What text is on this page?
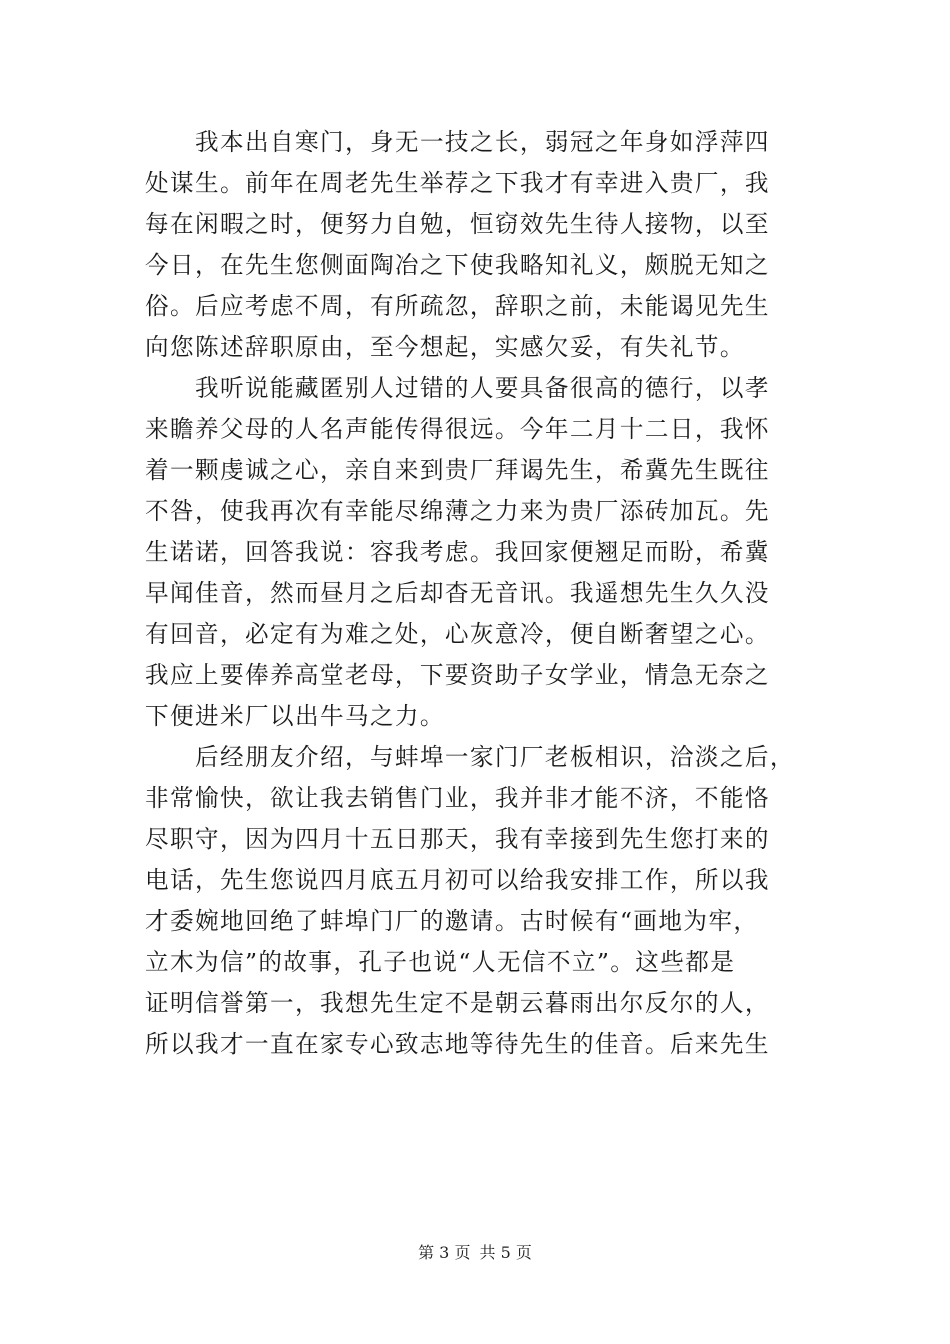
我本出自寒门，身无一技之长，弱冠之年身如浮萍四
处谋生。前年在周老先生举荐之下我才有幸进入贵厂，我
每在闲暇之时，便努力自勉，恒窃效先生待人接物，以至
今日，在先生您侧面陶冶之下使我略知礼义，颇脱无知之
俗。后应考虑不周，有所疏忽，辞职之前，未能谒见先生
向您陈述辞职原由，至今想起，实感欠妥，有失礼节。
我听说能藏匿别人过错的人要具备很高的德行，以孝
来瞻养父母的人名声能传得很远。今年二月十二日，我怀
着一颗虔诚之心，亲自来到贵厂拜谒先生，希冀先生既往
不咎，使我再次有幸能尽绵薄之力来为贵厂添砖加瓦。先
生诺诺，回答我说：容我考虑。我回家便翘足而盼，希冀
早闻佳音，然而昼月之后却杳无音讯。我遥想先生久久没
有回音，必定有为难之处，心灰意冷，便自断奢望之心。
我应上要俸养高堂老母，下要资助子女学业，情急无奈之
下便进米厂以出牛马之力。
后经朋友介绍，与蚌埠一家门厂老板相识，洽淡之后，
非常愉快，欲让我去销售门业，我并非才能不济，不能恪
尽职守，因为四月十五日那天，我有幸接到先生您打来的
电话，先生您说四月底五月初可以给我安排工作，所以我
才委婉地回绝了蚌埠门厂的邀请。古时候有“画地为牢，
立木为信”的故事，孔子也说“人无信不立”。这些都是
证明信誉第一，我想先生定不是朝云暮雨出尔反尔的人，
所以我才一直在家专心致志地等待先生的佳音。后来先生
第 3 页 共 5 页
